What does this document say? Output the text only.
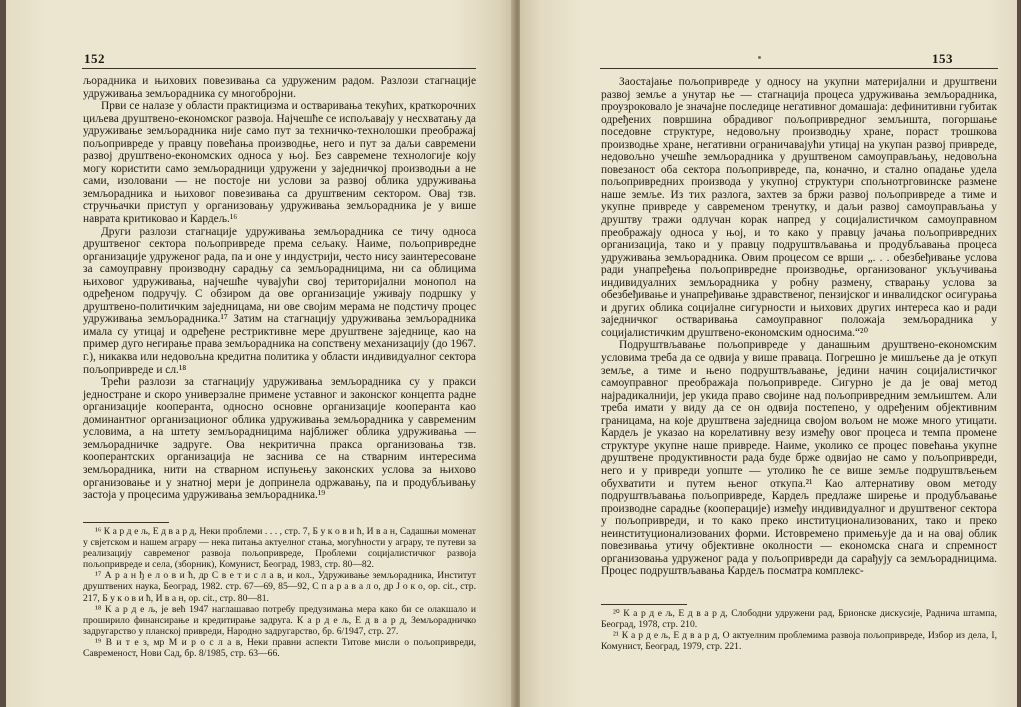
152

љорадника и њихових повезивања са удруженим радом. Разлози стагнације удруживања земљорадника су многобројни.

Први се налазе у области практицизма и остваривања текућих, краткорочних циљева друштвено-економског развоја. Најчешће се испољавају у несхватању да удруживање земљорадника није само пут за техничко-технолошки преображај пољопривреде у правцу повећања производње, него и пут за даљи савремени развој друштвено-економских односа у њој. Без савремене технологије коју могу користити само земљорадници удружени у заједничкој производњи а не сами, изоловани — не постоје ни услови за развој облика удруживања земљорадника и њиховог повезивања са друштвеним сектором. Овај тзв. стручњачки приступ у организовању удруживања земљорадника је у више наврата критиковао и Кардељ.¹⁶

Други разлози стагнације удруживања земљорадника се тичу односа друштвеног сектора пољопривреде према сељаку. Наиме, пољопривредне организације удруженог рада, па и оне у индустрији, често нису заинтересоване за самоуправну производну сарадњу са земљорадницима, ни са облицима њиховог удруживања, најчешће чувајући свој територијални монопол на одређеном подручју. С обзиром да ове организације уживају подршку у друштвено-политичким заједницама, ни ове својим мерама не подстичу процес удруживања земљорадника.¹⁷ Затим на стагнацију удруживања земљорадника имала су утицај и одређене рестриктивне мере друштвене заједнице, као на пример дуго негирање права земљорадника на сопствену механизацију (до 1967. г.), никаква или недовољна кредитна политика у области индивидуалног сектора пољопривреде и сл.¹⁸

Трећи разлози за стагнацију удруживања земљорадника су у пракси једностране и скоро универзалне примене уставног и законског концепта радне организације кооперанта, односно основне организације кооперанта као доминантног организационог облика удруживања земљорадника у савременим условима, а на штету земљорадницима најближег облика удруживања — земљорадничке задруге. Ова некритична пракса организовања тзв. кооперантских организација не заснива се на стварним интересима земљорадника, нити на стварном испуњењу законских услова за њихово организовање и у знатној мери је допринела одржавању, па и продубљивању застоја у процесима удруживања земљорадника.¹⁹

¹⁶ К а р д е љ, Е д в а р д, Неки проблеми . . . , стр. 7, Б у к о в и ћ, И в а н, Садашњи моменат у свјетском и нашем аграру — нека питања актуелног стања, могућности у аграру, те путеви за реализацију савременог развоја пољопривреде, Проблеми социјалистичког развоја пољопривреде и села, (зборник), Комунист, Београд, 1983, стр. 80—82.

¹⁷ А р а н ђ е л о в и ћ, др С в е т и с л а в, и кол., Удруживање земљорадника, Институт друштвених наука, Београд, 1982. стр. 67—69, 85—92, С п а р а в а л о, др Ј о к о, op. cit., стр. 217, Б у к о в и ћ, И в а н, op. cit., стр. 80—81.

¹⁸ К а р д е љ, је већ 1947 наглашавао потребу предузимања мера како би се олакшало и проширило финансирање и кредитирање задруга. К а р д е љ, Е д в а р д, Земљорадничко задругарство у планској привреди, Народно задругарство, бр. 6/1947, стр. 27.

¹⁹ В и т е з, мр М и р о с л а в, Неки правни аспекти Титове мисли о пољопривреди, Савременост, Нови Сад, бр. 8/1985, стр. 63—66.

153

Заостајање пољопривреде у односу на укупни материјални и друштвени развој земље а унутар ње — стагнација процеса удруживања земљорадника, проузроковало је значајне последице негативног домашаја: дефинитивни губитак одређених површина обрадивог пољопривредног земљишта, погоршање поседовне структуре, недовољну производњу хране, пораст трошкова производње хране, негативни ограничавајући утицај на укупан развој привреде, недовољно учешће земљорадника у друштвеном самоуправљању, недовољна повезаност оба сектора пољопривреде, па, коначно, и стално опадање удела пољопривредних производа у укупној структури спољнотрговинске размене наше земље. Из тих разлога, захтев за бржи развој пољопривреде а тиме и укупне привреде у савременом тренутку, и даљи развој самоуправљања у друштву тражи одлучан корак напред у социјалистичком самоуправном преображају односа у њој, и то како у правцу јачања пољопривредних организација, тако и у правцу подруштвљавања и продубљавања процеса удруживања земљорадника. Овим процесом се врши „. . . обезбеђивање услова ради унапређења пољопривредне производње, организованог укључивања индивидуалних земљорадника у робну размену, стварању услова за обезбеђивање и унапређивање здравственог, пензијског и инвалидског осигурања и других облика социјалне сигурности и њихових других интереса као и ради заједничког остваривања самоуправног положаја земљорадника у социјалистичким друштвено-економским односима.“²⁰

Подруштвљавање пољопривреде у данашњим друштвено-економским условима треба да се одвија у више праваца. Погрешно је мишљење да је откуп земље, а тиме и њено подруштвљавање, једини начин социјалистичког самоуправног преображаја пољопривреде. Сигурно је да је овај метод најрадикалнији, јер укида право својине над пољопривредним земљиштем. Али треба имати у виду да се он одвија постепено, у одређеним објективним границама, на које друштвена заједница својом вољом не може много утицати. Кардељ је указао на корелативну везу између овог процеса и темпа промене структуре укупне наше привреде. Наиме, уколико се процес повећања укупне друштвене продуктивности рада буде брже одвијао не само у пољопривреди, него и у привреди уопште — утолико ће се више земље подруштвљењем обухватити и путем њеног откупа.²¹ Као алтернативу овом методу подруштвљавања пољопривреде, Кардељ предлаже ширење и продубљавање производне сарадње (кооперације) између индивидуалног и друштвеног сектора у пољопривреди, и то како преко институционализованих, тако и преко неинституционализованих форми. Истовремено примењује да и на овај облик повезивања утичу објективне околности — економска снага и спремност организовања удруженог рада у пољопривреди да сарађују са земљорадницима. Процес подруштвљавања Кардељ посматра комплекс-

²⁰ К а р д е љ, Е д в а р д, Слободни удружени рад, Брионске дискусије, Раднича штампа, Београд, 1978, стр. 210.

²¹ К а р д е љ, Е д в а р д, О актуелним проблемима развоја пољопривреде, Избор из дела, I, Комунист, Београд, 1979, стр. 221.
